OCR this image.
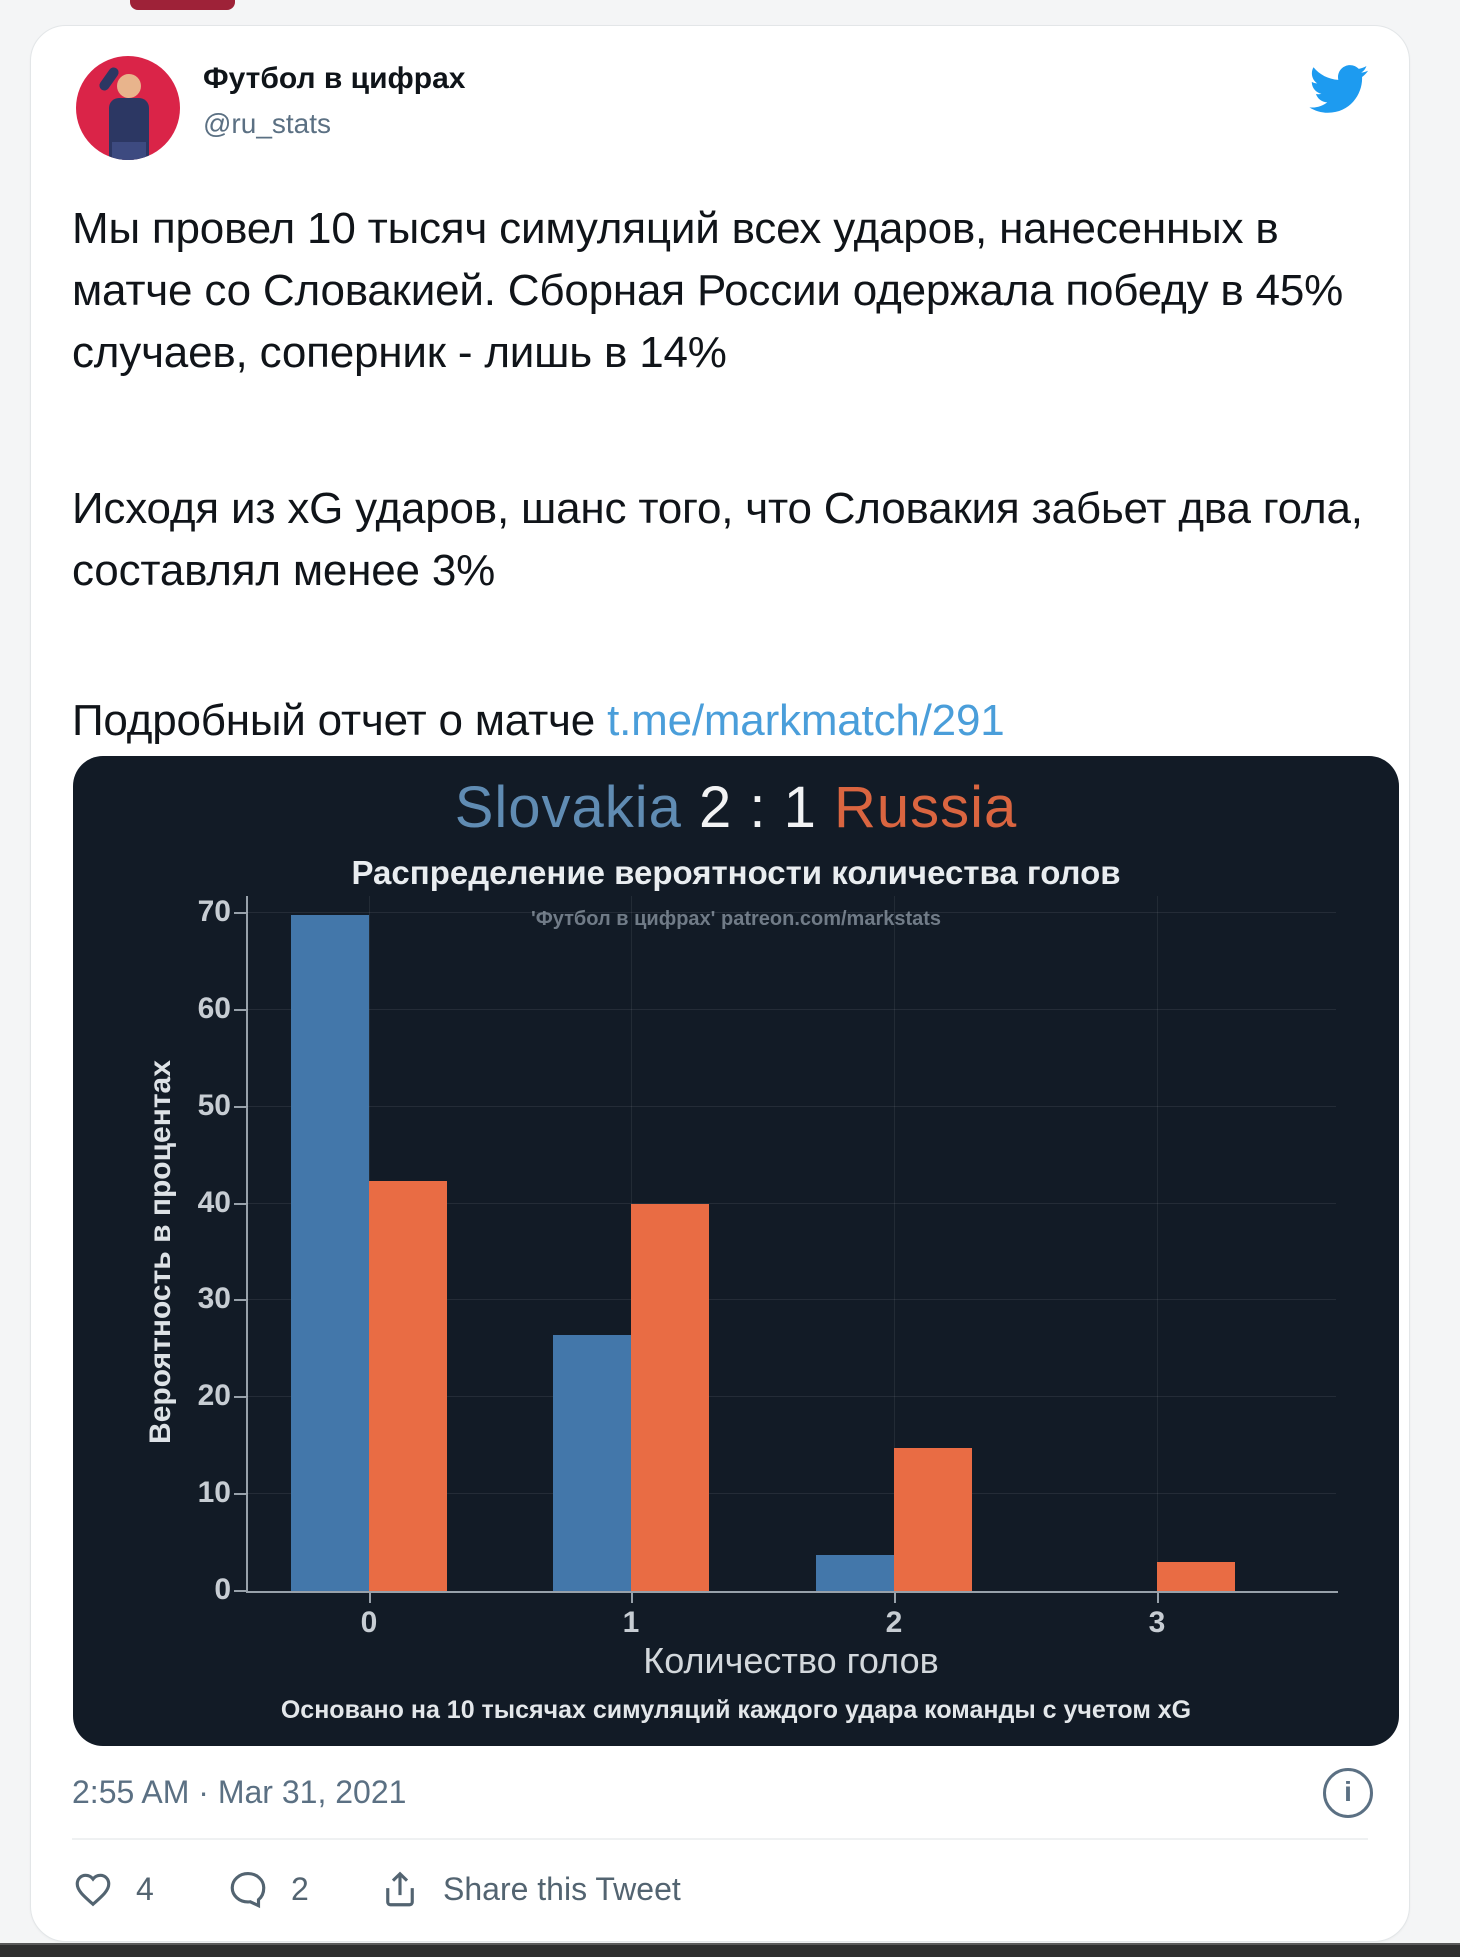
Футбол в цифрах
@ru_stats
Мы провел 10 тысяч симуляций всех ударов, нанесенных в матче со Словакией. Сборная России одержала победу в 45% случаев, соперник - лишь в 14%
Исходя из xG ударов, шанс того, что Словакия забьет два гола, составлял менее 3%
Подробный отчет о матче t.me/markmatch/291
Slovakia 2 : 1 Russia
Распределение вероятности количества голов
'Футбол в цифрах' patreon.com/markstats
Вероятность в процентах
Количество голов
Основано на 10 тысячах симуляций каждого удара команды с учетом xG
0
10
20
30
40
50
60
70
0	1	2	3
2:55 AM · Mar 31, 2021	i
4	2	Share this Tweet
